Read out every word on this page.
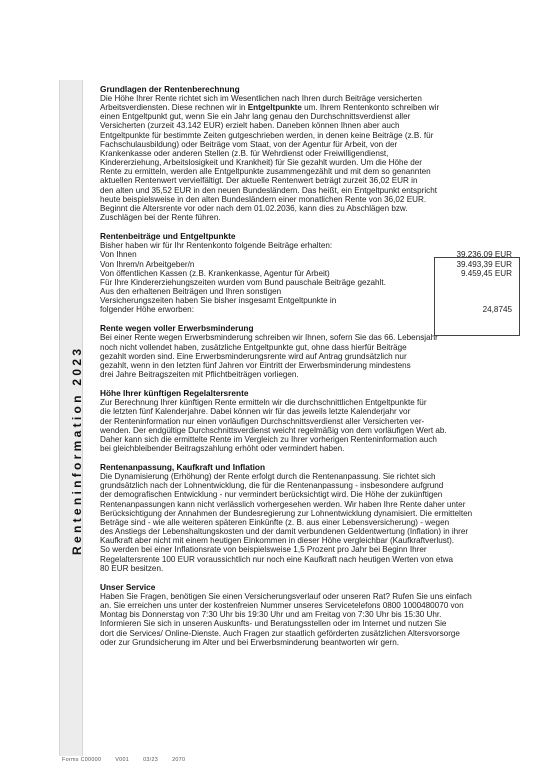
Renteninformation 2023
Grundlagen der Rentenberechnung
Die Höhe Ihrer Rente richtet sich im Wesentlichen nach Ihren durch Beiträge versicherten
Arbeitsverdiensten. Diese rechnen wir in Entgeltpunkte um. Ihrem Rentenkonto schreiben wir
einen Entgeltpunkt gut, wenn Sie ein Jahr lang genau den Durchschnittsverdienst aller
Versicherten (zurzeit 43.142 EUR) erzielt haben. Daneben können Ihnen aber auch
Entgeltpunkte für bestimmte Zeiten gutgeschrieben werden, in denen keine Beiträge (z.B. für
Fachschulausbildung) oder Beiträge vom Staat, von der Agentur für Arbeit, von der
Krankenkasse oder anderen Stellen (z.B. für Wehrdienst oder Freiwilligendienst,
Kindererziehung, Arbeitslosigkeit und Krankheit) für Sie gezahlt wurden. Um die Höhe der
Rente zu ermitteln, werden alle Entgeltpunkte zusammengezählt und mit dem so genannten
aktuellen Rentenwert vervielfältigt. Der aktuelle Rentenwert beträgt zurzeit 36,02 EUR in
den alten und 35,52 EUR in den neuen Bundesländern. Das heißt, ein Entgeltpunkt entspricht
heute beispielsweise in den alten Bundesländern einer monatlichen Rente von 36,02 EUR.
Beginnt die Altersrente vor oder nach dem 01.02.2036, kann dies zu Abschlägen bzw.
Zuschlägen bei der Rente führen.
Rentenbeiträge und Entgeltpunkte
Bisher haben wir für Ihr Rentenkonto folgende Beiträge erhalten:
Von Ihnen	39.236,09 EUR
Von Ihrem/n Arbeitgeber/n	39.493,39 EUR
Von öffentlichen Kassen (z.B. Krankenkasse, Agentur für Arbeit)	9.459,45 EUR
Für Ihre Kindererziehungszeiten wurden vom Bund pauschale Beiträge gezahlt.
Aus den erhaltenen Beiträgen und Ihren sonstigen
Versicherungszeiten haben Sie bisher insgesamt Entgeltpunkte in
folgender Höhe erworben:	24,8745
Rente wegen voller Erwerbsminderung
Bei einer Rente wegen Erwerbsminderung schreiben wir Ihnen, sofern Sie das 66. Lebensjahr
noch nicht vollendet haben, zusätzliche Entgeltpunkte gut, ohne dass hierfür Beiträge
gezahlt worden sind. Eine Erwerbsminderungsrente wird auf Antrag grundsätzlich nur
gezahlt, wenn in den letzten fünf Jahren vor Eintritt der Erwerbsminderung mindestens
drei Jahre Beitragszeiten mit Pflichtbeiträgen vorliegen.
Höhe Ihrer künftigen Regelaltersrente
Zur Berechnung Ihrer künftigen Rente ermitteln wir die durchschnittlichen Entgeltpunkte für
die letzten fünf Kalenderjahre. Dabei können wir für das jeweils letzte Kalenderjahr vor
der Renteninformation nur einen vorläufigen Durchschnittsverdienst aller Versicherten ver-
wenden. Der endgültige Durchschnittsverdienst weicht regelmäßig von dem vorläufigen Wert ab.
Daher kann sich die ermittelte Rente im Vergleich zu Ihrer vorherigen Renteninformation auch
bei gleichbleibender Beitragszahlung erhöht oder vermindert haben.
Rentenanpassung, Kaufkraft und Inflation
Die Dynamisierung (Erhöhung) der Rente erfolgt durch die Rentenanpassung. Sie richtet sich
grundsätzlich nach der Lohnentwicklung, die für die Rentenanpassung - insbesondere aufgrund
der demografischen Entwicklung - nur vermindert berücksichtigt wird. Die Höhe der zukünftigen
Rentenanpassungen kann nicht verlässlich vorhergesehen werden. Wir haben Ihre Rente daher unter
Berücksichtigung der Annahmen der Bundesregierung zur Lohnentwicklung dynamisiert. Die ermittelten
Beträge sind - wie alle weiteren späteren Einkünfte (z. B. aus einer Lebensversicherung) - wegen
des Anstiegs der Lebenshaltungskosten und der damit verbundenen Geldentwertung (Inflation) in ihrer
Kaufkraft aber nicht mit einem heutigen Einkommen in dieser Höhe vergleichbar (Kaufkraftverlust).
So werden bei einer Inflationsrate von beispielsweise 1,5 Prozent pro Jahr bei Beginn Ihrer
Regelaltersrente 100 EUR voraussichtlich nur noch eine Kaufkraft nach heutigen Werten von etwa
80 EUR besitzen.
Unser Service
Haben Sie Fragen, benötigen Sie einen Versicherungsverlauf oder unseren Rat? Rufen Sie uns einfach
an. Sie erreichen uns unter der kostenfreien Nummer unseres Servicetelefons 0800 1000480070 von
Montag bis Donnerstag von 7:30 Uhr bis 19:30 Uhr und am Freitag von 7:30 Uhr bis 15:30 Uhr.
Informieren Sie sich in unseren Auskunfts- und Beratungsstellen oder im Internet und nutzen Sie
dort die Services/ Online-Dienste. Auch Fragen zur staatlich geförderten zusätzlichen Altersvorsorge
oder zur Grundsicherung im Alter und bei Erwerbsminderung beantworten wir gern.
Forms C00000	V001	03/23	2070
